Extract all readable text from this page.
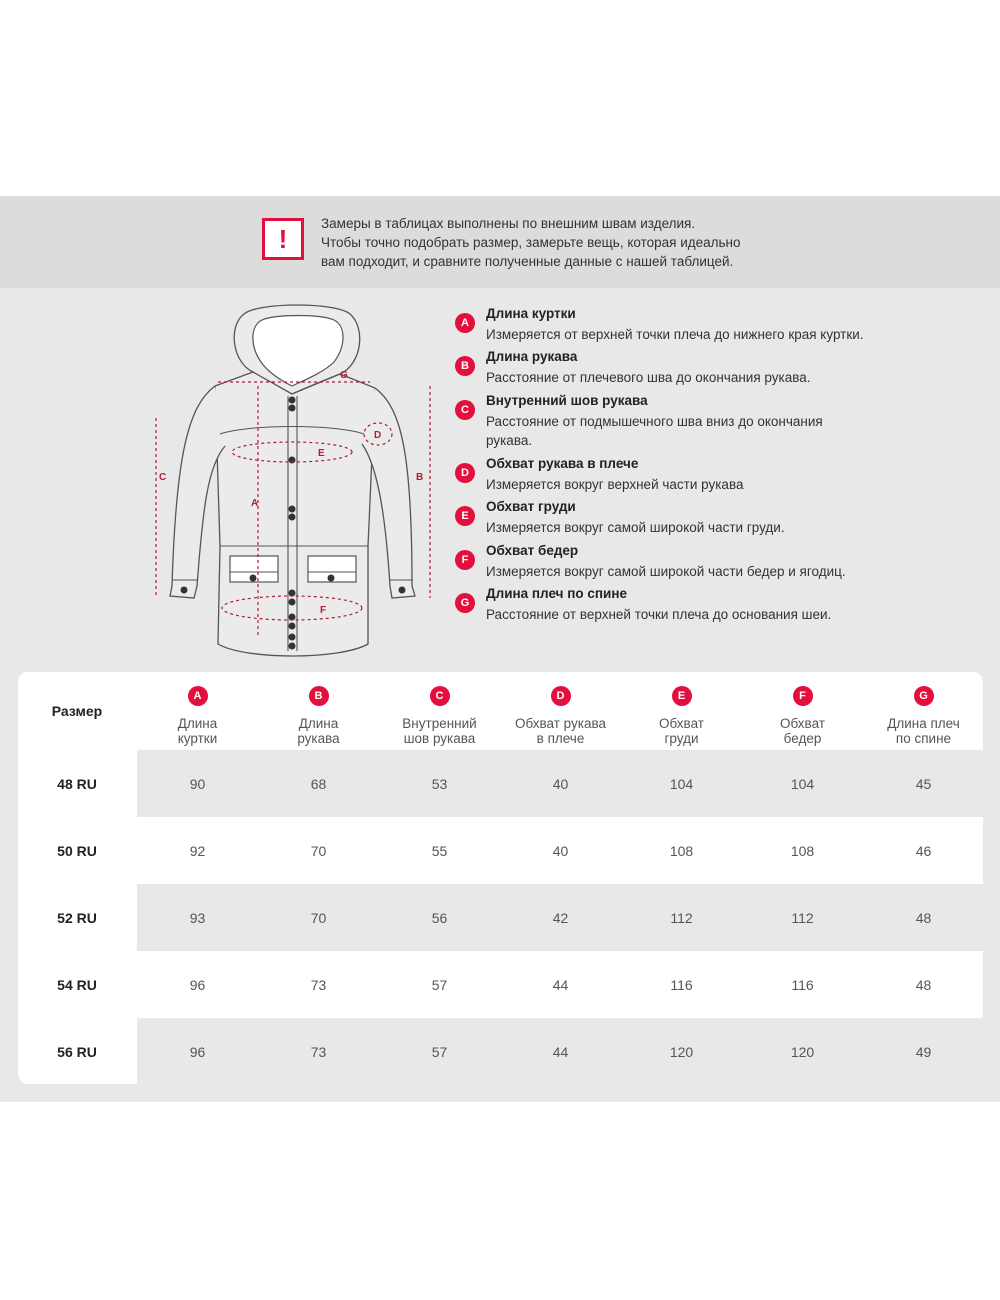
!
Замеры в таблицах выполнены по внешним швам изделия.
Чтобы точно подобрать размер, замерьте вещь, которая идеально
вам подходит, и сравните полученные данные с нашей таблицей.
G
A
C	B
E
F
D
A
Длина куртки
Измеряется от верхней точки плеча до нижнего края куртки.
B
Длина рукава
Расстояние от плечевого шва до окончания рукава.
C
Внутренний шов рукава
Расстояние от подмышечного шва вниз до окончания рукава.
D
Обхват рукава в плече
Измеряется вокруг верхней части рукава
E
Обхват груди
Измеряется вокруг самой широкой части груди.
F
Обхват бедер
Измеряется вокруг самой широкой части бедер и ягодиц.
G
Длина плеч по спине
Расстояние от верхней точки плеча до основания шеи.
Размер
A
Длина
куртки
B
Длина
рукава
C
Внутренний
шов рукава
D
Обхват рукава
в плече
E
Обхват
груди
F
Обхват
бедер
G
Длина плеч
по спине
48 RU	90	68	53	40	104	104	45
50 RU	92	70	55	40	108	108	46
52 RU	93	70	56	42	112	112	48
54 RU	96	73	57	44	116	116	48
56 RU	96	73	57	44	120	120	49
